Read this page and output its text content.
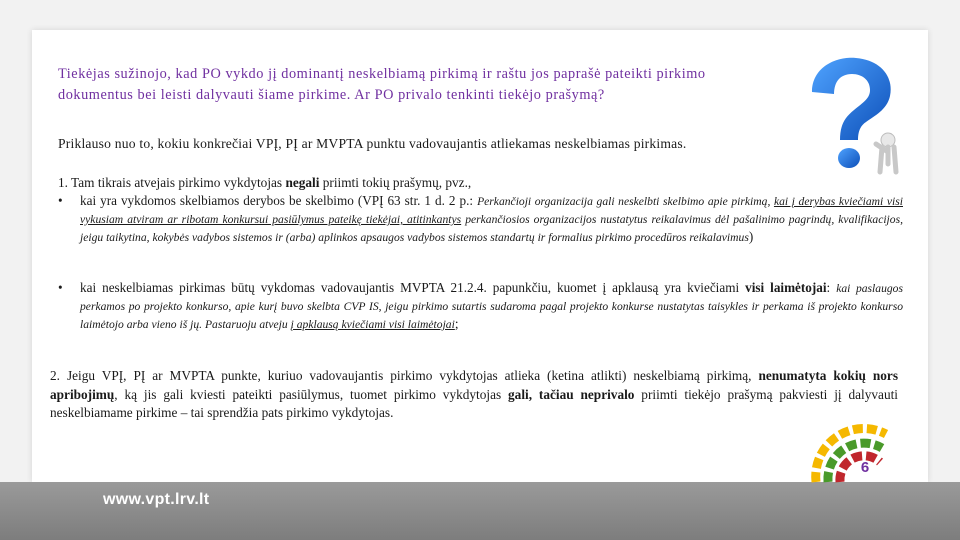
Tiekėjas sužinojo, kad PO vykdo jį dominantį neskelbiamą pirkimą ir raštu jos paprašė pateikti pirkimo dokumentus bei leisti dalyvauti šiame pirkime. Ar PO privalo tenkinti tiekėjo prašymą?
Priklauso nuo to, kokiu konkrečiai VPĮ, PĮ ar MVPTA punktu vadovaujantis atliekamas neskelbiamas pirkimas.
1. Tam tikrais atvejais pirkimo vykdytojas negali priimti tokių prašymų, pvz.,
• kai yra vykdomos skelbiamos derybos be skelbimo (VPĮ 63 str. 1 d. 2 p.: Perkančioji organizacija gali neskelbti skelbimo apie pirkimą, kai į derybas kviečiami visi vykusiam atviram ar ribotam konkursui pasiūlymus pateikę tiekėjai, atitinkantys perkančiosios organizacijos nustatytus reikalavimus dėl pašalinimo pagrindų, kvalifikacijos, jeigu taikytina, kokybės vadybos sistemos ir (arba) aplinkos apsaugos vadybos sistemos standartų ir formalius pirkimo procedūros reikalavimus)
• kai neskelbiamas pirkimas būtų vykdomas vadovaujantis MVPTA 21.2.4. papunkčiu, kuomet į apklausą yra kviečiami visi laimėtojai: kai paslaugos perkamos po projekto konkurso, apie kurį buvo skelbta CVP IS, jeigu pirkimo sutartis sudaroma pagal projekto konkurse nustatytas taisykles ir perkama iš projekto konkurso laimėtojo arba vieno iš jų. Pastaruoju atveju į apklausą kviečiami visi laimėtojai;
2. Jeigu VPĮ, PĮ ar MVPTA punkte, kuriuo vadovaujantis pirkimo vykdytojas atlieka (ketina atlikti) neskelbiamą pirkimą, nenumatyta kokių nors apribojimų, ką jis gali kviesti pateikti pasiūlymus, tuomet pirkimo vykdytojas gali, tačiau neprivalo priimti tiekėjo prašymą pakviesti jį dalyvauti neskelbiamame pirkime – tai sprendžia pats pirkimo vykdytojas.
www.vpt.lrv.lt
6
